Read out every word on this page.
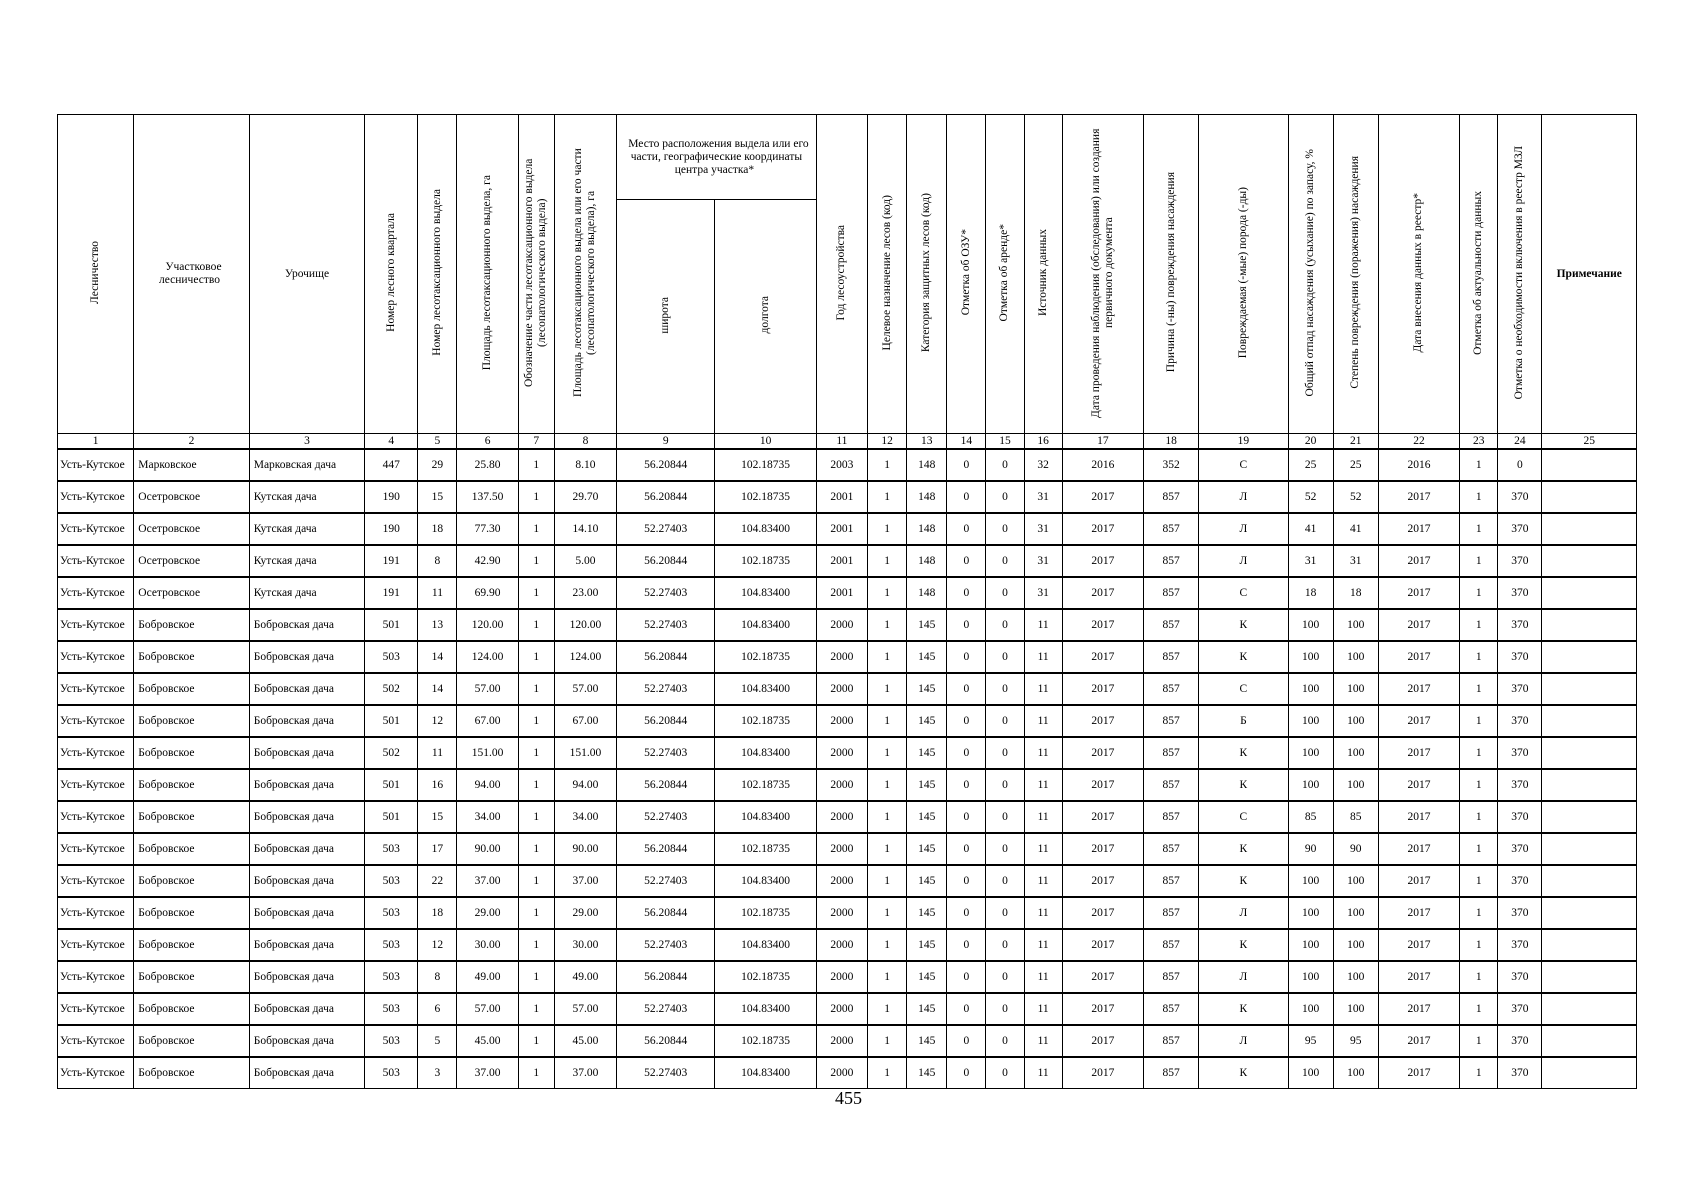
Лесничество	Участковое лесничество	Урочище	Номер лесного квартала	Номер лесотаксационного выдела	Площадь лесотаксационного выдела, га	Обозначение части лесотаксационного выдела (лесопатологического выдела)	Площадь лесотаксационного выдела или его части (лесопатологического выдела), га	Место расположения выдела или его части, географические координаты центра участка*		Год лесоустройства	Целевое назначение лесов (код)	Категория защитных лесов (код)	Отметка об ОЗУ*	Отметка об аренде*	Источник данных	Дата проведения наблюдения (обследования) или создания первичного документа	Причина (-ны) повреждения насаждения	Повреждаемая (-мые) порода (-ды)	Общий отпад насаждения (усыхание) по запасу, %	Степень повреждения (поражения) насаждения	Дата внесения данных в реестр*	Отметка об актуальности данных	Отметка о необходимости включения в реестр МЗЛ	Примечание
								широта	долгота															
1	2	3	4	5	6	7	8	9	10	11	12	13	14	15	16	17	18	19	20	21	22	23	24	25
Усть-Кутское	Марковское	Марковская дача	447	29	25.80	1	8.10	56.20844	102.18735	2003	1	148	0	0	32	2016	352	С	25	25	2016	1	0	
Усть-Кутское	Осетровское	Кутская дача	190	15	137.50	1	29.70	56.20844	102.18735	2001	1	148	0	0	31	2017	857	Л	52	52	2017	1	370	
Усть-Кутское	Осетровское	Кутская дача	190	18	77.30	1	14.10	52.27403	104.83400	2001	1	148	0	0	31	2017	857	Л	41	41	2017	1	370	
Усть-Кутское	Осетровское	Кутская дача	191	8	42.90	1	5.00	56.20844	102.18735	2001	1	148	0	0	31	2017	857	Л	31	31	2017	1	370	
Усть-Кутское	Осетровское	Кутская дача	191	11	69.90	1	23.00	52.27403	104.83400	2001	1	148	0	0	31	2017	857	С	18	18	2017	1	370	
Усть-Кутское	Бобровское	Бобровская дача	501	13	120.00	1	120.00	52.27403	104.83400	2000	1	145	0	0	11	2017	857	К	100	100	2017	1	370	
Усть-Кутское	Бобровское	Бобровская дача	503	14	124.00	1	124.00	56.20844	102.18735	2000	1	145	0	0	11	2017	857	К	100	100	2017	1	370	
Усть-Кутское	Бобровское	Бобровская дача	502	14	57.00	1	57.00	52.27403	104.83400	2000	1	145	0	0	11	2017	857	С	100	100	2017	1	370	
Усть-Кутское	Бобровское	Бобровская дача	501	12	67.00	1	67.00	56.20844	102.18735	2000	1	145	0	0	11	2017	857	Б	100	100	2017	1	370	
Усть-Кутское	Бобровское	Бобровская дача	502	11	151.00	1	151.00	52.27403	104.83400	2000	1	145	0	0	11	2017	857	К	100	100	2017	1	370	
Усть-Кутское	Бобровское	Бобровская дача	501	16	94.00	1	94.00	56.20844	102.18735	2000	1	145	0	0	11	2017	857	К	100	100	2017	1	370	
Усть-Кутское	Бобровское	Бобровская дача	501	15	34.00	1	34.00	52.27403	104.83400	2000	1	145	0	0	11	2017	857	С	85	85	2017	1	370	
Усть-Кутское	Бобровское	Бобровская дача	503	17	90.00	1	90.00	56.20844	102.18735	2000	1	145	0	0	11	2017	857	К	90	90	2017	1	370	
Усть-Кутское	Бобровское	Бобровская дача	503	22	37.00	1	37.00	52.27403	104.83400	2000	1	145	0	0	11	2017	857	К	100	100	2017	1	370	
Усть-Кутское	Бобровское	Бобровская дача	503	18	29.00	1	29.00	56.20844	102.18735	2000	1	145	0	0	11	2017	857	Л	100	100	2017	1	370	
Усть-Кутское	Бобровское	Бобровская дача	503	12	30.00	1	30.00	52.27403	104.83400	2000	1	145	0	0	11	2017	857	К	100	100	2017	1	370	
Усть-Кутское	Бобровское	Бобровская дача	503	8	49.00	1	49.00	56.20844	102.18735	2000	1	145	0	0	11	2017	857	Л	100	100	2017	1	370	
Усть-Кутское	Бобровское	Бобровская дача	503	6	57.00	1	57.00	52.27403	104.83400	2000	1	145	0	0	11	2017	857	К	100	100	2017	1	370	
Усть-Кутское	Бобровское	Бобровская дача	503	5	45.00	1	45.00	56.20844	102.18735	2000	1	145	0	0	11	2017	857	Л	95	95	2017	1	370	
Усть-Кутское	Бобровское	Бобровская дача	503	3	37.00	1	37.00	52.27403	104.83400	2000	1	145	0	0	11	2017	857	К	100	100	2017	1	370	
455
